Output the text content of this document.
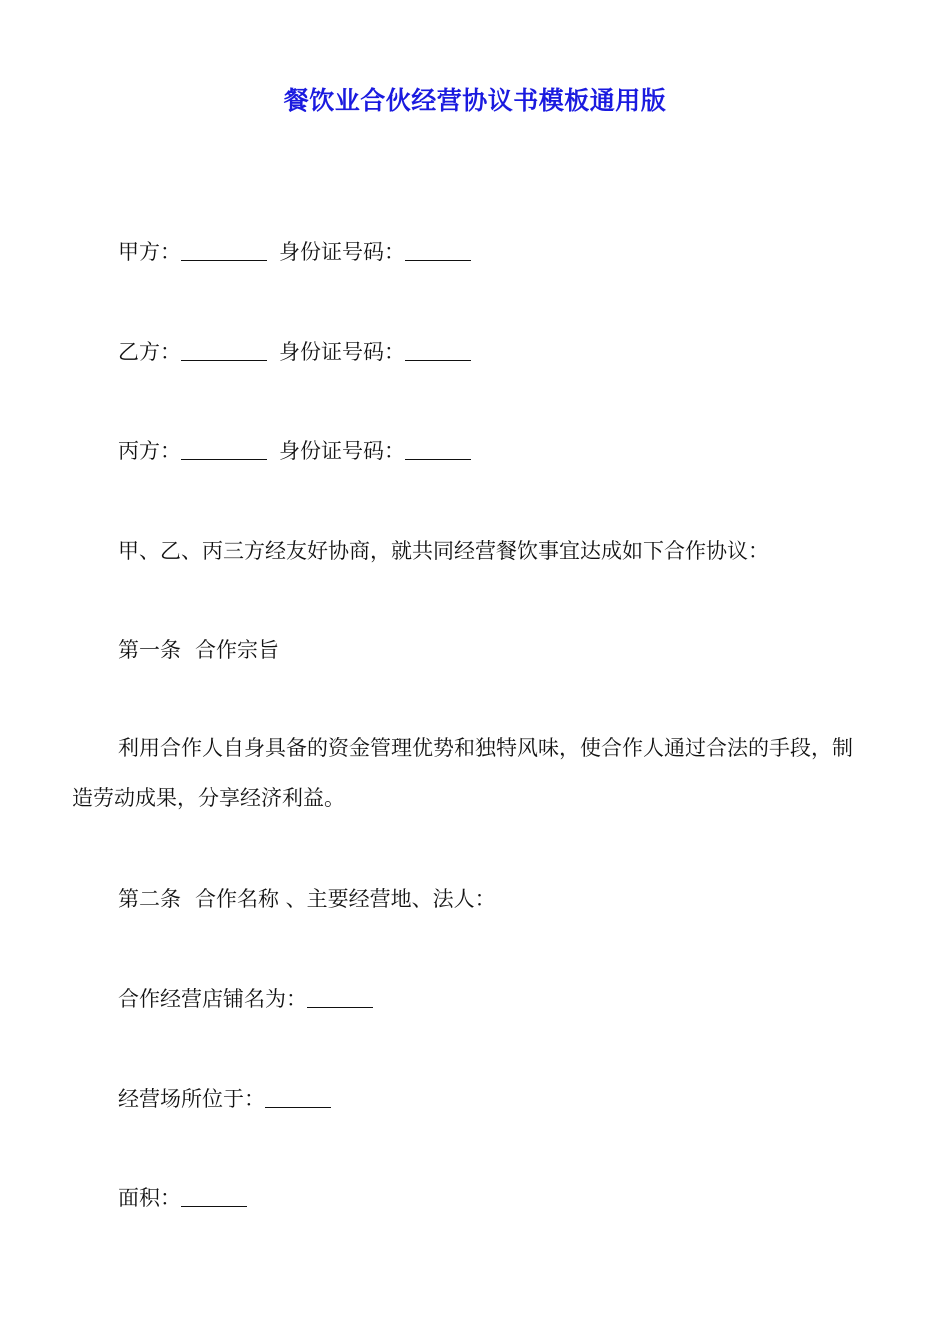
餐饮业合伙经营协议书模板通用版
甲方：	身份证号码：
乙方：	身份证号码：
丙方：	身份证号码：
甲、乙、丙三方经友好协商，就共同经营餐饮事宜达成如下合作协议：
第一条 合作宗旨
利用合作人自身具备的资金管理优势和独特风味，使合作人通过合法的手段，制造劳动成果，分享经济利益。
第二条 合作名称 、主要经营地、法人：
合作经营店铺名为：
经营场所位于：
面积：
